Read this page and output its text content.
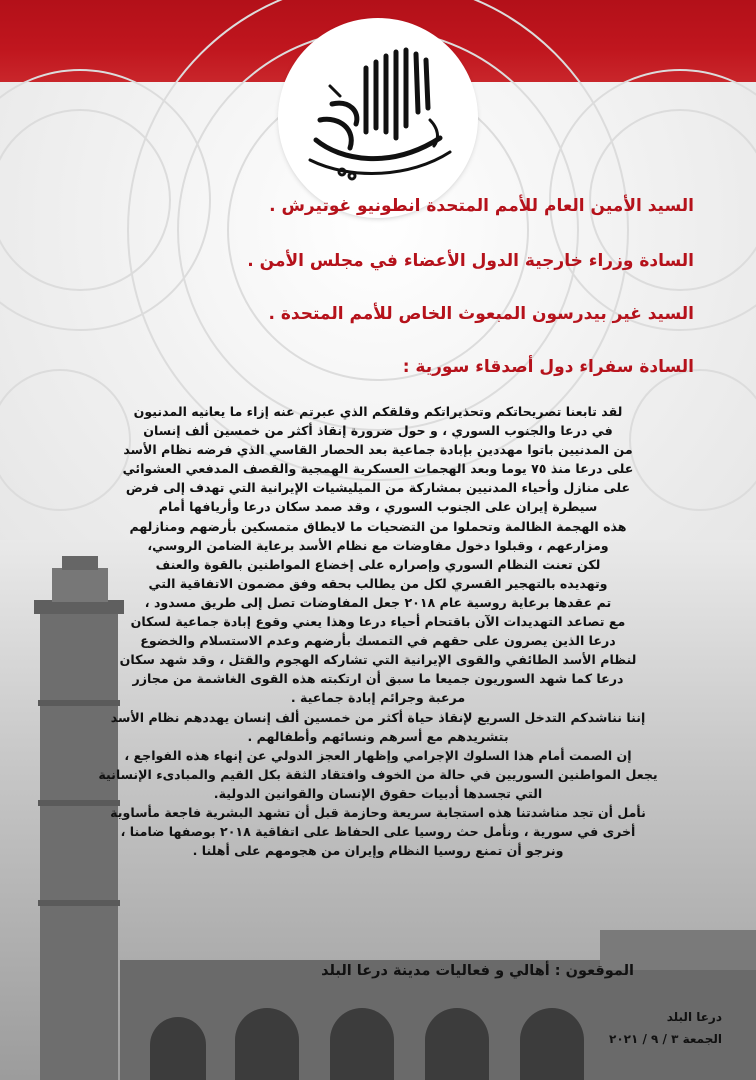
السيد الأمين العام للأمم المتحدة انطونيو غوتيرش .
السادة وزراء خارجية الدول الأعضاء في مجلس الأمن .
السيد غير بيدرسون المبعوث الخاص للأمم المتحدة .
السادة سفراء دول أصدقاء سورية :
لقد تابعنا تصريحاتكم وتحذيراتكم وقلقكم الذي عبرتم عنه إزاء ما يعانيه المدنيون
في درعا والجنوب السوري ، و حول ضرورة إنقاذ أكثر من خمسين ألف إنسان
من المدنيين باتوا مهددين بإبادة جماعية بعد الحصار القاسي الذي فرضه نظام الأسد
على درعا منذ ٧٥ يوما وبعد الهجمات العسكرية الهمجية والقصف المدفعي العشوائي
على منازل وأحياء المدنيين بمشاركة من الميليشيات الإيرانية التي تهدف إلى فرض
سيطرة إيران على الجنوب السوري ، وقد صمد سكان درعا وأريافها أمام
هذه الهجمة الظالمة وتحملوا من التضحيات ما لايطاق متمسكين بأرضهم ومنازلهم
ومزارعهم ، وقبلوا دخول مفاوضات مع نظام الأسد برعاية الضامن الروسي،
لكن تعنت النظام السوري وإصراره على إخضاع المواطنين بالقوة والعنف
وتهديده بالتهجير القسري لكل من يطالب بحقه وفق مضمون الاتفاقية التي
تم عقدها برعاية روسية عام ٢٠١٨ جعل المفاوضات تصل إلى طريق مسدود ،
مع تصاعد التهديدات الآن باقتحام أحياء درعا وهذا يعني وقوع إبادة جماعية لسكان
درعا الذين يصرون على حقهم في التمسك بأرضهم وعدم الاستسلام والخضوع
لنظام الأسد الطائفي والقوى الإيرانية التي تشاركه الهجوم والقتل ، وقد شهد سكان
درعا كما شهد السوريون جميعا ما سبق أن ارتكبته هذه القوى الغاشمة من مجازر
مرعبة وجرائم إبادة جماعية .
إننا نناشدكم التدخل السريع لإنقاذ حياة أكثر من خمسين ألف إنسان يهددهم نظام الأسد
بتشريدهم مع أسرهم ونسائهم وأطفالهم .
إن الصمت أمام هذا السلوك الإجرامي وإظهار العجز الدولي عن إنهاء هذه الفواجع ،
يجعل المواطنين السوريين في حالة من الخوف وافتقاد الثقة بكل القيم والمبادىء الإنسانية
التي تجسدها أدبيات حقوق الإنسان والقوانين الدولية.
نأمل أن تجد مناشدتنا هذه استجابة سريعة وحازمة قبل أن تشهد البشرية فاجعة مأساوية
أخرى في سورية ، ونأمل حث روسيا على الحفاظ على اتفاقية ٢٠١٨ بوصفها ضامنا ،
ونرجو أن تمنع روسيا النظام وإيران من هجومهم على أهلنا .
الموقعون : أهالي و فعاليات مدينة درعا البلد
درعا البلد
الجمعة ٣ / ٩ / ٢٠٢١
